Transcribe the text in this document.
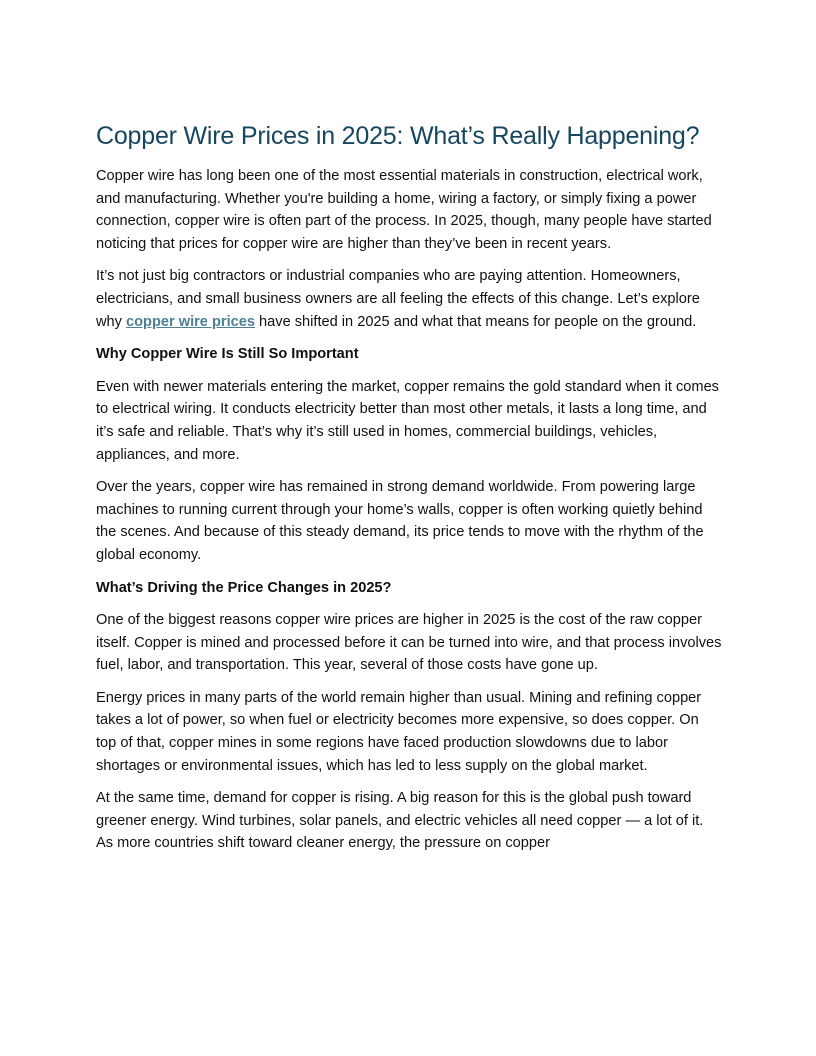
Copper Wire Prices in 2025: What’s Really Happening?

Copper wire has long been one of the most essential materials in construction, electrical work, and manufacturing. Whether you're building a home, wiring a factory, or simply fixing a power connection, copper wire is often part of the process. In 2025, though, many people have started noticing that prices for copper wire are higher than they’ve been in recent years.

It’s not just big contractors or industrial companies who are paying attention. Homeowners, electricians, and small business owners are all feeling the effects of this change. Let’s explore why copper wire prices have shifted in 2025 and what that means for people on the ground.

Why Copper Wire Is Still So Important

Even with newer materials entering the market, copper remains the gold standard when it comes to electrical wiring. It conducts electricity better than most other metals, it lasts a long time, and it’s safe and reliable. That’s why it’s still used in homes, commercial buildings, vehicles, appliances, and more.

Over the years, copper wire has remained in strong demand worldwide. From powering large machines to running current through your home’s walls, copper is often working quietly behind the scenes. And because of this steady demand, its price tends to move with the rhythm of the global economy.

What’s Driving the Price Changes in 2025?

One of the biggest reasons copper wire prices are higher in 2025 is the cost of the raw copper itself. Copper is mined and processed before it can be turned into wire, and that process involves fuel, labor, and transportation. This year, several of those costs have gone up.

Energy prices in many parts of the world remain higher than usual. Mining and refining copper takes a lot of power, so when fuel or electricity becomes more expensive, so does copper. On top of that, copper mines in some regions have faced production slowdowns due to labor shortages or environmental issues, which has led to less supply on the global market.

At the same time, demand for copper is rising. A big reason for this is the global push toward greener energy. Wind turbines, solar panels, and electric vehicles all need copper — a lot of it. As more countries shift toward cleaner energy, the pressure on copper
